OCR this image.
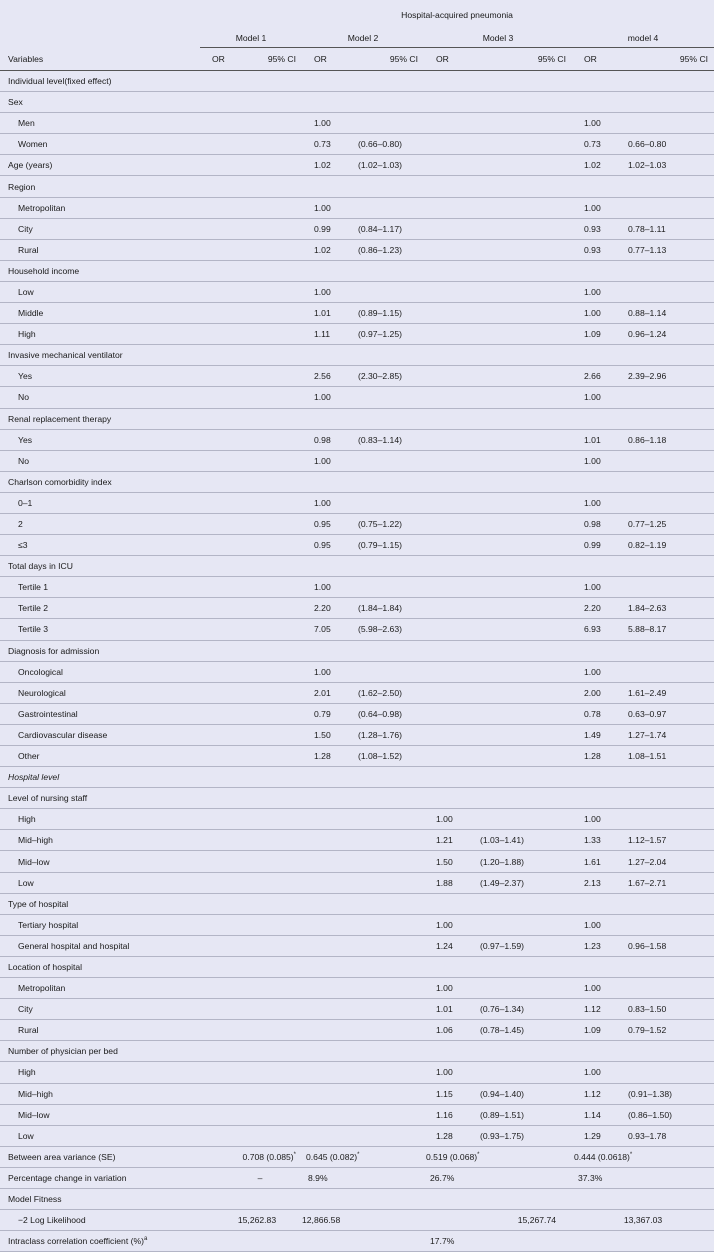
	Hospital-acquired pneumonia							
	Model 1		Model 2		Model 3		model 4	
Variables	OR	95% CI	OR	95% CI	OR	95% CI	OR	95% CI
Individual level(fixed effect)								
Sex								
Men			1.00				1.00	
Women			0.73	(0.66–0.80)			0.73	0.66–0.80
Age (years)			1.02	(1.02–1.03)			1.02	1.02–1.03
Region								
Metropolitan			1.00				1.00	
City			0.99	(0.84–1.17)			0.93	0.78–1.11
Rural			1.02	(0.86–1.23)			0.93	0.77–1.13
Household income								
Low			1.00				1.00	
Middle			1.01	(0.89–1.15)			1.00	0.88–1.14
High			1.11	(0.97–1.25)			1.09	0.96–1.24
Invasive mechanical ventilator								
Yes			2.56	(2.30–2.85)			2.66	2.39–2.96
No			1.00				1.00	
Renal replacement therapy								
Yes			0.98	(0.83–1.14)			1.01	0.86–1.18
No			1.00				1.00	
Charlson comorbidity index								
0–1			1.00				1.00	
2			0.95	(0.75–1.22)			0.98	0.77–1.25
≤3			0.95	(0.79–1.15)			0.99	0.82–1.19
Total days in ICU								
Tertile 1			1.00				1.00	
Tertile 2			2.20	(1.84–1.84)			2.20	1.84–2.63
Tertile 3			7.05	(5.98–2.63)			6.93	5.88–8.17
Diagnosis for admission								
Oncological			1.00				1.00	
Neurological			2.01	(1.62–2.50)			2.00	1.61–2.49
Gastrointestinal			0.79	(0.64–0.98)			0.78	0.63–0.97
Cardiovascular disease			1.50	(1.28–1.76)			1.49	1.27–1.74
Other			1.28	(1.08–1.52)			1.28	1.08–1.51
Hospital level								
Level of nursing staff								
High					1.00		1.00	
Mid–high					1.21	(1.03–1.41)	1.33	1.12–1.57
Mid–low					1.50	(1.20–1.88)	1.61	1.27–2.04
Low					1.88	(1.49–2.37)	2.13	1.67–2.71
Type of hospital								
Tertiary hospital					1.00		1.00	
General hospital and hospital					1.24	(0.97–1.59)	1.23	0.96–1.58
Location of hospital								
Metropolitan					1.00		1.00	
City					1.01	(0.76–1.34)	1.12	0.83–1.50
Rural					1.06	(0.78–1.45)	1.09	0.79–1.52
Number of physician per bed								
High					1.00		1.00	
Mid–high					1.15	(0.94–1.40)	1.12	(0.91–1.38)
Mid–low					1.16	(0.89–1.51)	1.14	(0.86–1.50)
Low					1.28	(0.93–1.75)	1.29	0.93–1.78
Between area variance (SE)	0.708 (0.085)*		0.645 (0.082)*		0.519 (0.068)*		0.444 (0.0618)*
Percentage change in variation	–		8.9%		26.7%		37.3%	
Model Fitness								
−2 Log Likelihood	15,262.83		12,866.58		15,267.74		13,367.03	
Intraclass correlation coefficient (%)$^a$					17.7%			
